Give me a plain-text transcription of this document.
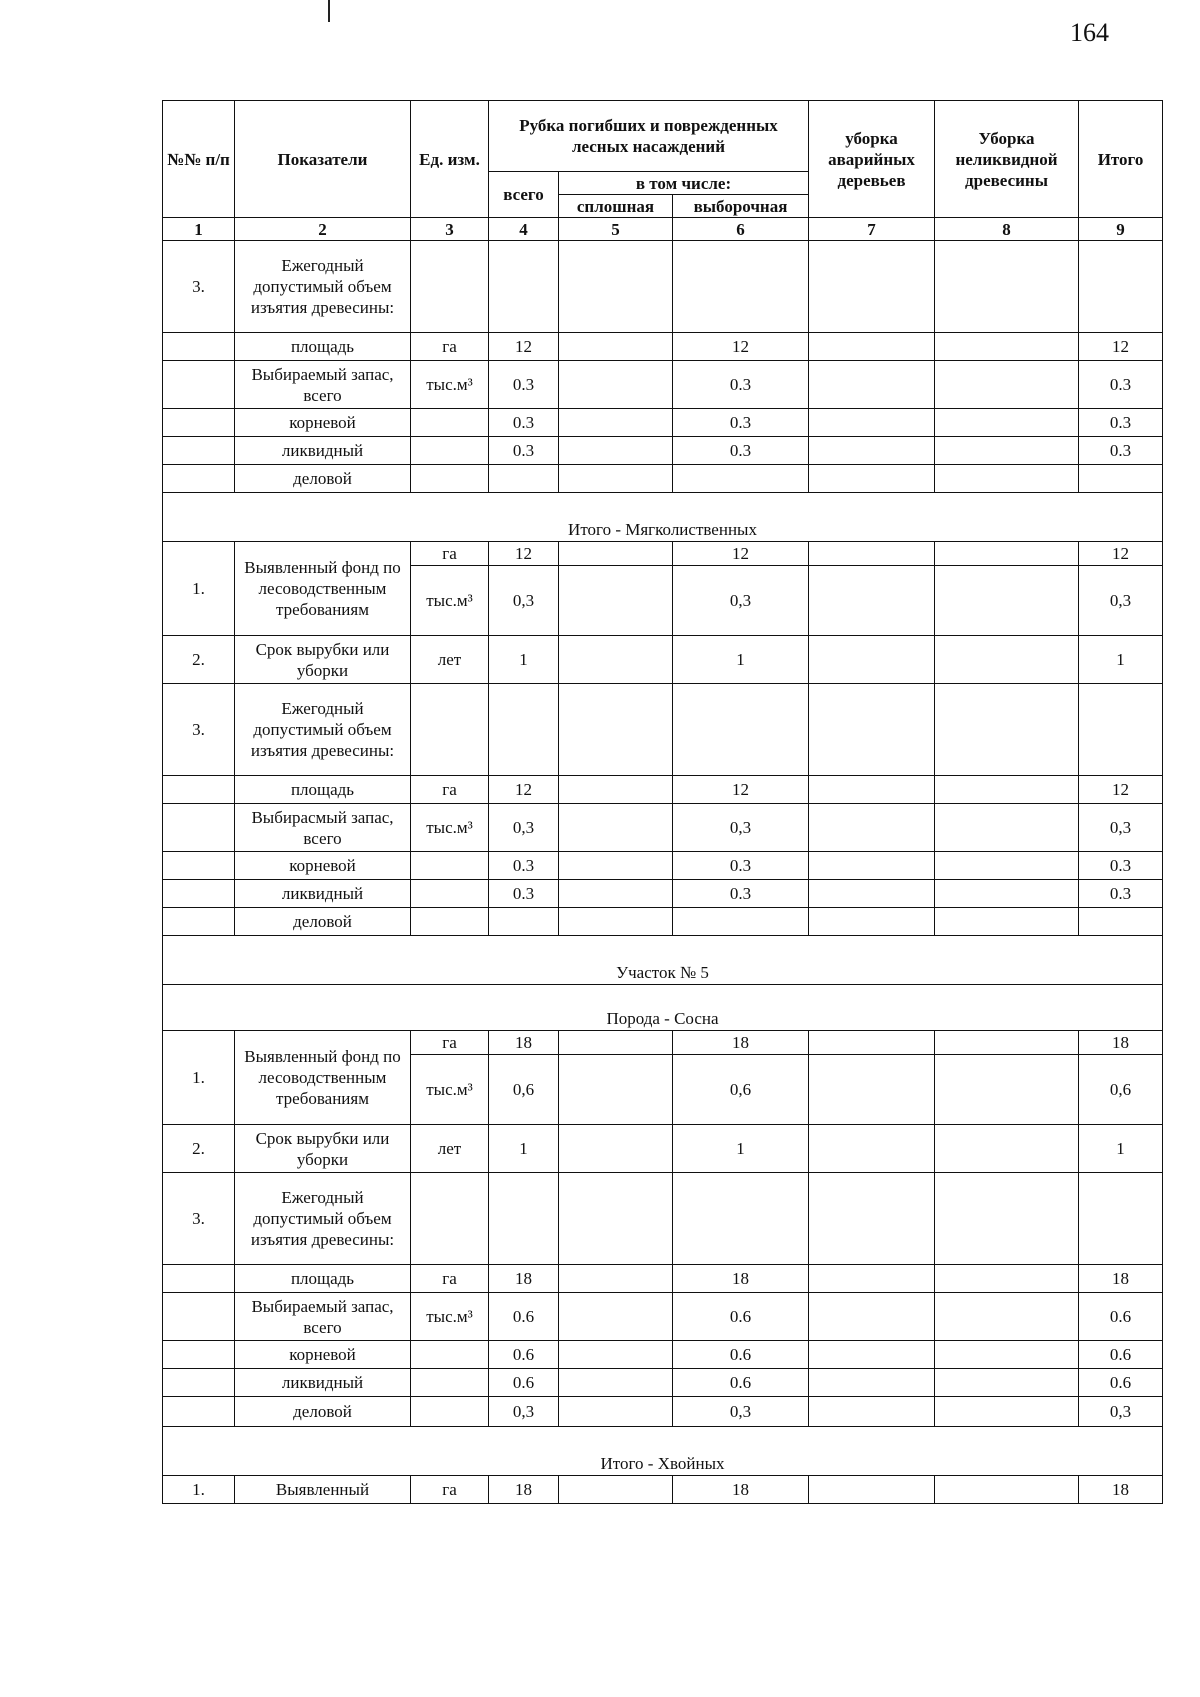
164
№№ п/п	Показатели	Ед. изм.	Рубка погибших и поврежденных лесных насаждений			уборка аварийных деревьев	Уборка неликвидной древесины	Итого
			всего	в том числе:				
				сплошная	выборочная			
1	2	3	4	5	6	7	8	9
3.	Ежегодный допустимый объем изъятия древесины:							
	площадь	га	12		12			12
	Выбираемый запас, всего	тыс.м³	0.3		0.3			0.3
	корневой		0.3		0.3			0.3
	ликвидный		0.3		0.3			0.3
	деловой							
Итого - Мягколиственных								
1.	Выявленный фонд по лесоводственным требованиям	га	12		12			12
		тыс.м³	0,3		0,3			0,3
2.	Срок вырубки или уборки	лет	1		1			1
3.	Ежегодный допустимый объем изъятия древесины:							
	площадь	га	12		12			12
	Выбирасмый запас, всего	тыс.м³	0,3		0,3			0,3
	корневой		0.3		0.3			0.3
	ликвидный		0.3		0.3			0.3
	деловой							
Участок № 5								
Порода - Сосна								
1.	Выявленный фонд по лесоводственным требованиям	га	18		18			18
		тыс.м³	0,6		0,6			0,6
2.	Срок вырубки или уборки	лет	1		1			1
3.	Ежегодный допустимый объем изъятия древесины:							
	площадь	га	18		18			18
	Выбираемый запас, всего	тыс.м³	0.6		0.6			0.6
	корневой		0.6		0.6			0.6
	ликвидный		0.6		0.6			0.6
	деловой		0,3		0,3			0,3
Итого - Хвойных								
1.	Выявленный	га	18		18			18
